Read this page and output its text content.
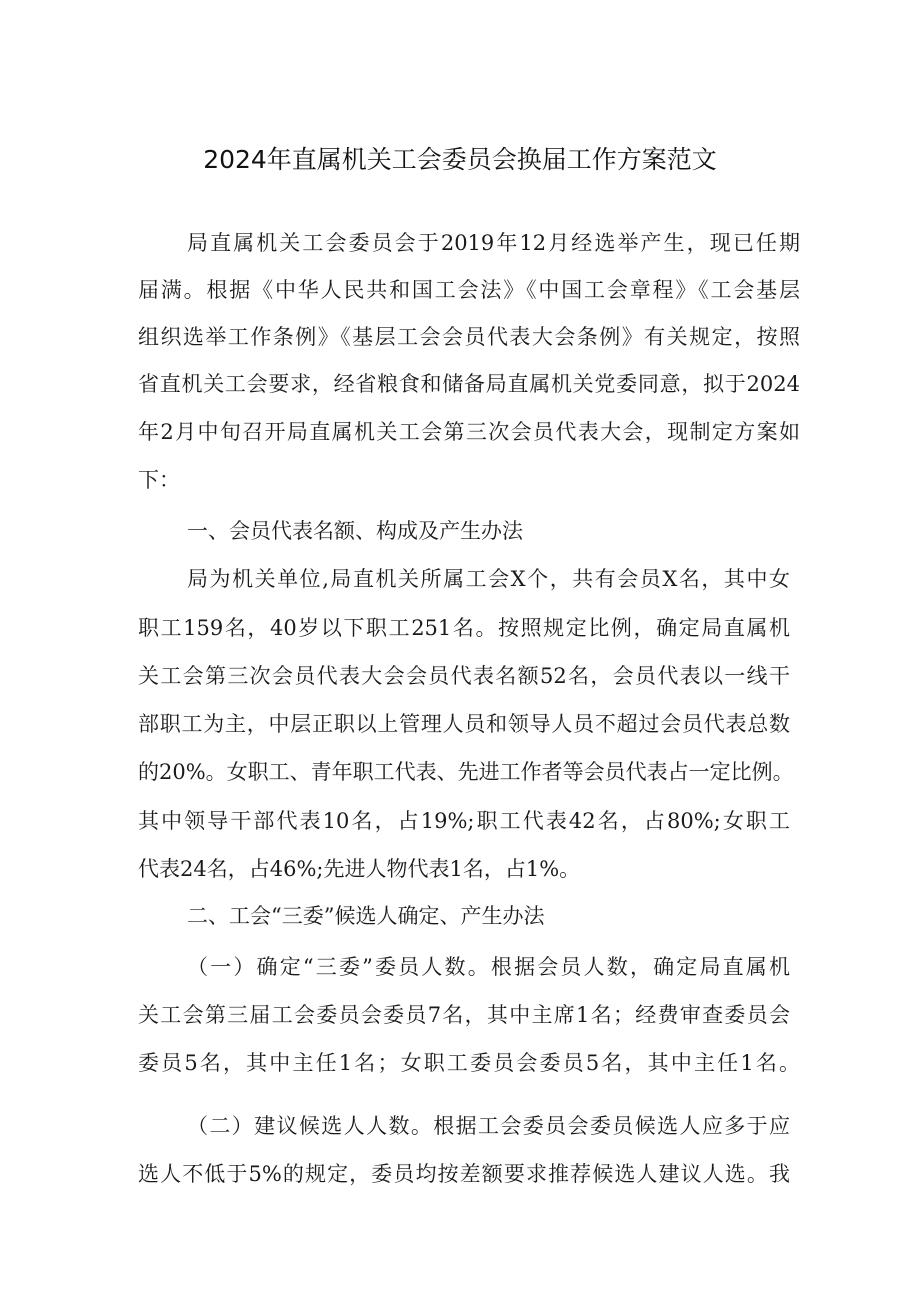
2024年直属机关工会委员会换届工作方案范文

局直属机关工会委员会于2019年12月经选举产生，现已任期

届满。根据《中华人民共和国工会法》《中国工会章程》《工会基层

组织选举工作条例》《基层工会会员代表大会条例》有关规定，按照

省直机关工会要求，经省粮食和储备局直属机关党委同意，拟于2024

年2月中旬召开局直属机关工会第三次会员代表大会，现制定方案如

下：

一、会员代表名额、构成及产生办法

局为机关单位,局直机关所属工会X个，共有会员X名，其中女

职工159名，40岁以下职工251名。按照规定比例，确定局直属机

关工会第三次会员代表大会会员代表名额52名，会员代表以一线干

部职工为主，中层正职以上管理人员和领导人员不超过会员代表总数

的20%。女职工、青年职工代表、先进工作者等会员代表占一定比例。

其中领导干部代表10名，占19%;职工代表42名，占80%;女职工

代表24名，占46%;先进人物代表1名，占1%。

二、工会“三委”候选人确定、产生办法

（一）确定“三委”委员人数。根据会员人数，确定局直属机

关工会第三届工会委员会委员7名，其中主席1名；经费审查委员会

委员5名，其中主任1名；女职工委员会委员5名，其中主任1名。

（二）建议候选人人数。根据工会委员会委员候选人应多于应

选人不低于5%的规定，委员均按差额要求推荐候选人建议人选。我
